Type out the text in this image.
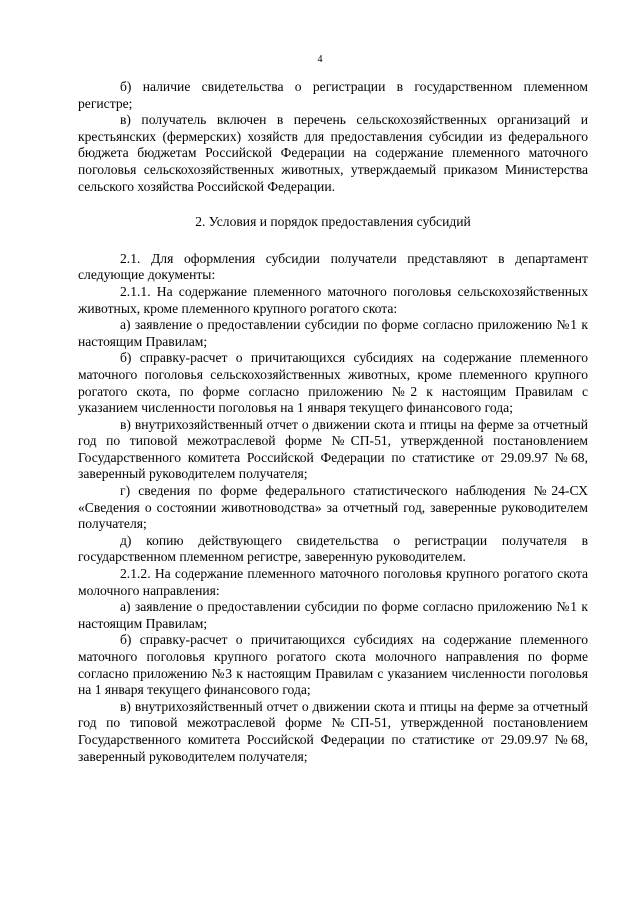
4

б) наличие свидетельства о регистрации в государственном племенном регистре;

в) получатель включен в перечень сельскохозяйственных организаций и крестьянских (фермерских) хозяйств для предоставления субсидии из федерального бюджета бюджетам Российской Федерации на содержание племенного маточного поголовья сельскохозяйственных животных, утверждаемый приказом Министерства сельского хозяйства Российской Федерации.

2. Условия и порядок предоставления субсидий

2.1. Для оформления субсидии получатели представляют в департамент следующие документы:

2.1.1. На содержание племенного маточного поголовья сельскохозяйственных животных, кроме племенного крупного рогатого скота:

а) заявление о предоставлении субсидии по форме согласно приложению №1 к настоящим Правилам;

б) справку-расчет о причитающихся субсидиях на содержание племенного маточного поголовья сельскохозяйственных животных, кроме племенного крупного рогатого скота, по форме согласно приложению №2 к настоящим Правилам с указанием численности поголовья на 1 января текущего финансового года;

в) внутрихозяйственный отчет о движении скота и птицы на ферме за отчетный год по типовой межотраслевой форме №СП-51, утвержденной постановлением Государственного комитета Российской Федерации по статистике от 29.09.97 №68, заверенный руководителем получателя;

г) сведения по форме федерального статистического наблюдения №24-СХ «Сведения о состоянии животноводства» за отчетный год, заверенные руководителем получателя;

д) копию действующего свидетельства о регистрации получателя в государственном племенном регистре, заверенную руководителем.

2.1.2. На содержание племенного маточного поголовья крупного рогатого скота молочного направления:

а) заявление о предоставлении субсидии по форме согласно приложению №1 к настоящим Правилам;

б) справку-расчет о причитающихся субсидиях на содержание племенного маточного поголовья крупного рогатого скота молочного направления по форме согласно приложению №3 к настоящим Правилам с указанием численности поголовья на 1 января текущего финансового года;

в) внутрихозяйственный отчет о движении скота и птицы на ферме за отчетный год по типовой межотраслевой форме №СП-51, утвержденной постановлением Государственного комитета Российской Федерации по статистике от 29.09.97 №68, заверенный руководителем получателя;
